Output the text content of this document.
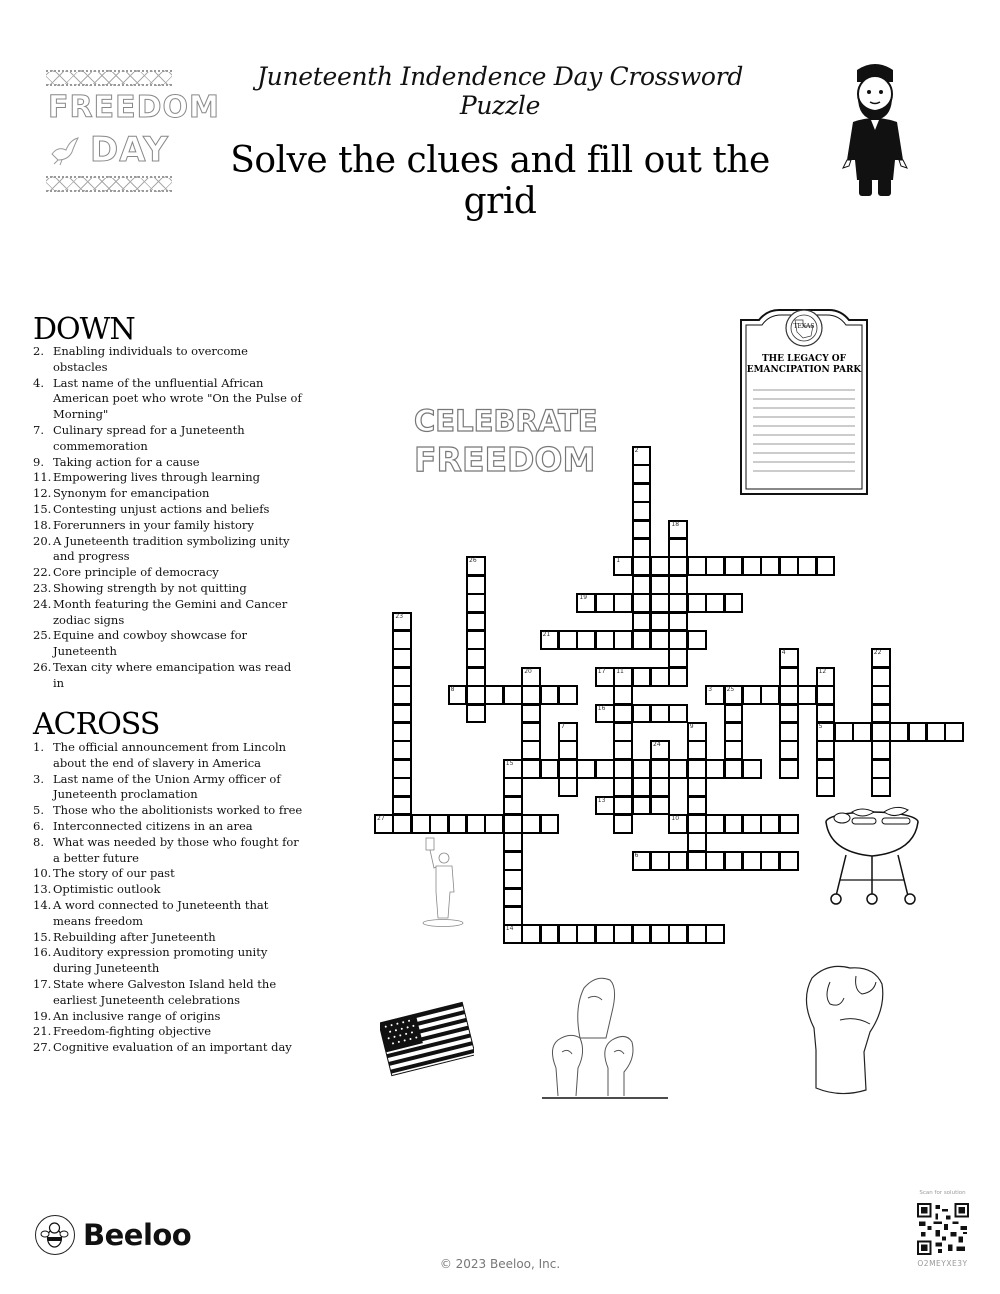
FREEDOM
DAY
Juneteenth Indendence Day Crossword Puzzle
Solve the clues and fill out the grid
DOWN
2. Enabling individuals to overcome obstacles
4. Last name of the unfluential African American poet who wrote "On the Pulse of Morning"
7. Culinary spread for a Juneteenth commemoration
9. Taking action for a cause
11. Empowering lives through learning
12. Synonym for emancipation
15. Contesting unjust actions and beliefs
18. Forerunners in your family history
20. A Juneteenth tradition symbolizing unity and progress
22. Core principle of democracy
23. Showing strength by not quitting
24. Month featuring the Gemini and Cancer zodiac signs
25. Equine and cowboy showcase for Juneteenth
26. Texan city where emancipation was read in
ACROSS
1. The official announcement from Lincoln about the end of slavery in America
3. Last name of the Union Army officer of Juneteenth proclamation
5. Those who the abolitionists worked to free
6. Interconnected citizens in an area
8. What was needed by those who fought for a better future
10. The story of our past
13. Optimistic outlook
14. A word connected to Juneteenth that means freedom
15. Rebuilding after Juneteenth
16. Auditory expression promoting unity during Juneteenth
17. State where Galveston Island held the earliest Juneteenth celebrations
19. An inclusive range of origins
21. Freedom-fighting objective
27. Cognitive evaluation of an important day
CELEBRATE
FREEDOM
TEXAS
THE LEGACY OF
EMANCIPATION PARK
1
2
3 25
4
5
6
7
8
9
10
11	12
13
14
15
16
17
18
19
20
21
22
23
24
26
27
Beeloo
© 2023 Beeloo, Inc.
Scan for solution
O2MEYXE3Y
